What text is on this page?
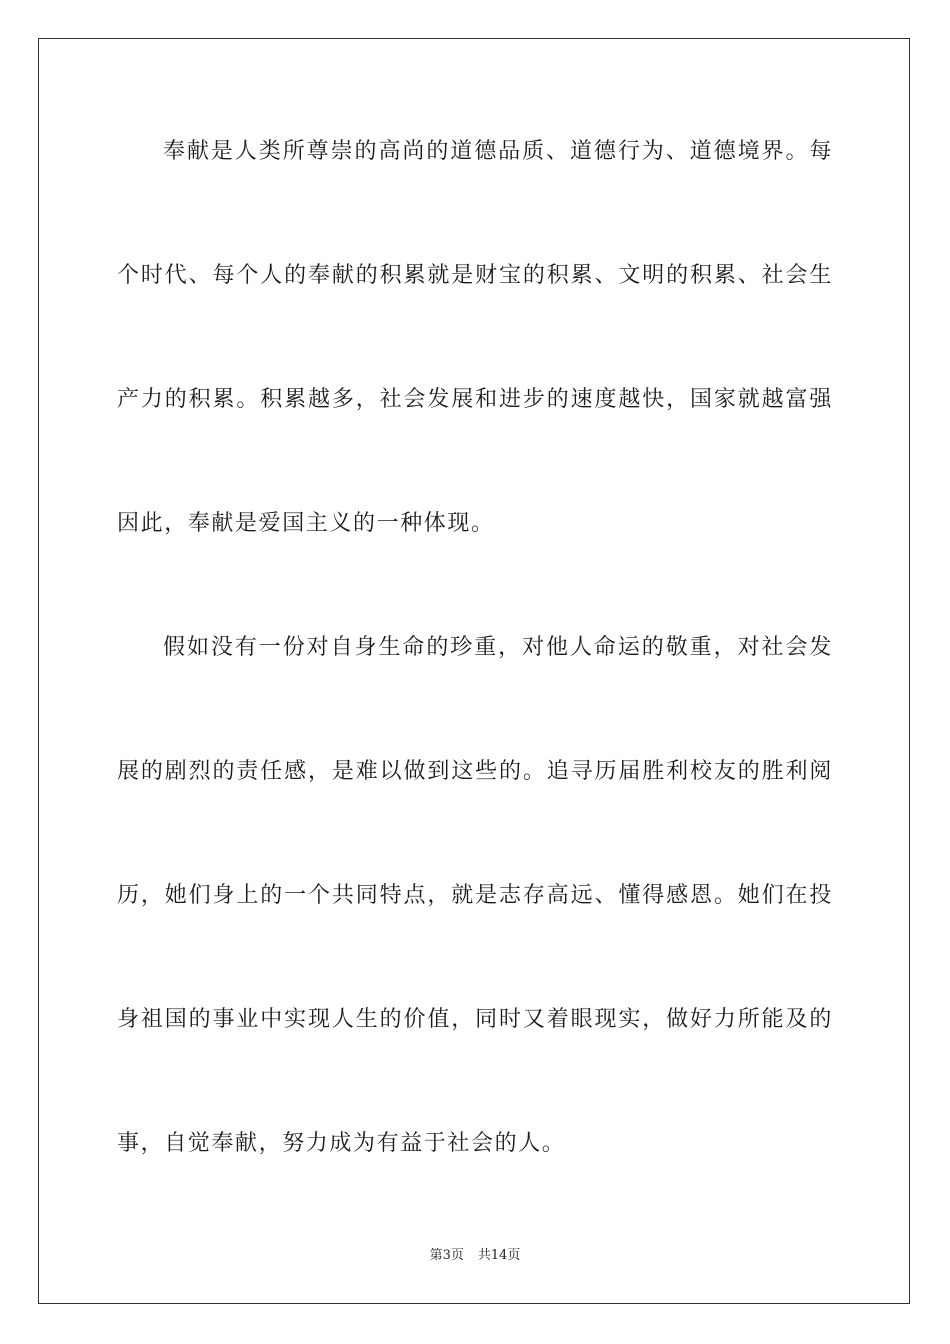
奉献是人类所尊崇的高尚的道德品质、道德行为、道德境界。每
个时代、每个人的奉献的积累就是财宝的积累、文明的积累、社会生
产力的积累。积累越多，社会发展和进步的速度越快，国家就越富强
因此，奉献是爱国主义的一种体现。
假如没有一份对自身生命的珍重，对他人命运的敬重，对社会发
展的剧烈的责任感，是难以做到这些的。追寻历届胜利校友的胜利阅
历，她们身上的一个共同特点，就是志存高远、懂得感恩。她们在投
身祖国的事业中实现人生的价值，同时又着眼现实，做好力所能及的
事，自觉奉献，努力成为有益于社会的人。
第3页 共14页
